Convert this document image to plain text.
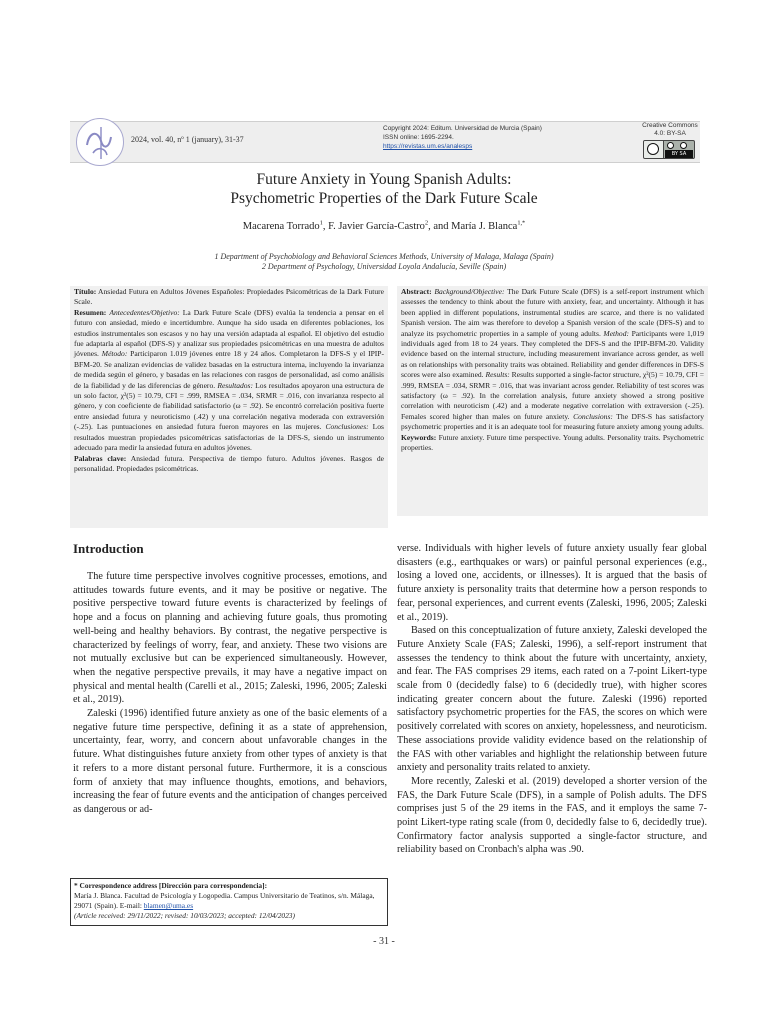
2024, vol. 40, nº 1 (january), 31-37
Copyright 2024: Editum. Universidad de Murcia (Spain)
ISSN online: 1695-2294.
https://revistas.um.es/analesps
Creative Commons
4.0: BY-SA
BY SA
Future Anxiety in Young Spanish Adults:
Psychometric Properties of the Dark Future Scale
Macarena Torrado$^1$, F. Javier García-Castro$^2$, and María J. Blanca$^{1,*}$
1 Department of Psychobiology and Behavioral Sciences Methods, University of Malaga, Malaga (Spain)
2 Department of Psychology, Universidad Loyola Andalucía, Seville (Spain)
Título: Ansiedad Futura en Adultos Jóvenes Españoles: Propiedades Psicométricas de la Dark Future Scale.
Resumen: Antecedentes/Objetivo: La Dark Future Scale (DFS) evalúa la tendencia a pensar en el futuro con ansiedad, miedo e incertidumbre. Aunque ha sido usada en diferentes poblaciones, los estudios instrumentales son escasos y no hay una versión adaptada al español. El objetivo del estudio fue adaptarla al español (DFS-S) y analizar sus propiedades psicométricas en una muestra de adultos jóvenes. Método: Participaron 1.019 jóvenes entre 18 y 24 años. Completaron la DFS-S y el IPIP-BFM-20. Se analizan evidencias de validez basadas en la estructura interna, incluyendo la invarianza de medida según el género, y basadas en las relaciones con rasgos de personalidad, así como análisis de la fiabilidad y de las diferencias de género. Resultados: Los resultados apoyaron una estructura de un solo factor, χ²(5) = 10.79, CFI = .999, RMSEA = .034, SRMR = .016, con invarianza respecto al género, y con coeficiente de fiabilidad satisfactorio (ω = .92). Se encontró correlación positiva fuerte entre ansiedad futura y neuroticismo (.42) y una correlación negativa moderada con extraversión (-.25). Las puntuaciones en ansiedad futura fueron mayores en las mujeres. Conclusiones: Los resultados muestran propiedades psicométricas satisfactorias de la DFS-S, siendo un instrumento adecuado para medir la ansiedad futura en adultos jóvenes.
Palabras clave: Ansiedad futura. Perspectiva de tiempo futuro. Adultos jóvenes. Rasgos de personalidad. Propiedades psicométricas.
Abstract: Background/Objective: The Dark Future Scale (DFS) is a self-report instrument which assesses the tendency to think about the future with anxiety, fear, and uncertainty. Although it has been applied in different populations, instrumental studies are scarce, and there is no validated Spanish version. The aim was therefore to develop a Spanish version of the scale (DFS-S) and to analyze its psychometric properties in a sample of young adults. Method: Participants were 1,019 individuals aged from 18 to 24 years. They completed the DFS-S and the IPIP-BFM-20. Validity evidence based on the internal structure, including measurement invariance across gender, as well as on relationships with personality traits was obtained. Reliability and gender differences in DFS-S scores were also examined. Results: Results supported a single-factor structure, χ²(5) = 10.79, CFI = .999, RMSEA = .034, SRMR = .016, that was invariant across gender. Reliability of test scores was satisfactory (ω = .92). In the correlation analysis, future anxiety showed a strong positive correlation with neuroticism (.42) and a moderate negative correlation with extraversion (-.25). Females scored higher than males on future anxiety. Conclusions: The DFS-S has satisfactory psychometric properties and it is an adequate tool for measuring future anxiety among young adults.
Keywords: Future anxiety. Future time perspective. Young adults. Personality traits. Psychometric properties.
Introduction

The future time perspective involves cognitive processes, emotions, and attitudes towards future events, and it may be positive or negative. The positive perspective toward future events is characterized by feelings of hope and a focus on planning and achieving future goals, thus promoting well-being and healthy behaviors. By contrast, the negative perspective is characterized by feelings of worry, fear, and anxiety. These two visions are not mutually exclusive but can be experienced simultaneously. However, when the negative perspective prevails, it may have a negative impact on physical and mental health (Carelli et al., 2015; Zaleski, 1996, 2005; Zaleski et al., 2019).

Zaleski (1996) identified future anxiety as one of the basic elements of a negative future time perspective, defining it as a state of apprehension, uncertainty, fear, worry, and concern about unfavorable changes in the future. What distinguishes future anxiety from other types of anxiety is that it refers to a more distant personal future. Furthermore, it is a conscious form of anxiety that may influence thoughts, emotions, and behaviors, increasing the fear of future events and the anticipation of changes perceived as dangerous or ad-

verse. Individuals with higher levels of future anxiety usually fear global disasters (e.g., earthquakes or wars) or painful personal experiences (e.g., losing a loved one, accidents, or illnesses). It is argued that the basis of future anxiety is personality traits that determine how a person responds to fear, personal experiences, and current events (Zaleski, 1996, 2005; Zaleski et al., 2019).

Based on this conceptualization of future anxiety, Zaleski developed the Future Anxiety Scale (FAS; Zaleski, 1996), a self-report instrument that assesses the tendency to think about the future with uncertainty, anxiety, and fear. The FAS comprises 29 items, each rated on a 7-point Likert-type scale from 0 (decidedly false) to 6 (decidedly true), with higher scores indicating greater concern about the future. Zaleski (1996) reported satisfactory psychometric properties for the FAS, the scores on which were positively correlated with scores on anxiety, hopelessness, and neuroticism. These associations provide validity evidence based on the relationship of the FAS with other variables and highlight the relationship between future anxiety and personality traits related to anxiety.

More recently, Zaleski et al. (2019) developed a shorter version of the FAS, the Dark Future Scale (DFS), in a sample of Polish adults. The DFS comprises just 5 of the 29 items in the FAS, and it employs the same 7-point Likert-type rating scale (from 0, decidedly false to 6, decidedly true). Confirmatory factor analysis supported a single-factor structure, and reliability based on Cronbach's alpha was .90.

* Correspondence address [Dirección para correspondencia]:
María J. Blanca. Facultad de Psicología y Logopedia. Campus Universitario de Teatinos, s/n. Málaga, 29071 (Spain). E-mail: blamen@uma.es
(Article received: 29/11/2022; revised: 10/03/2023; accepted: 12/04/2023)
- 31 -
